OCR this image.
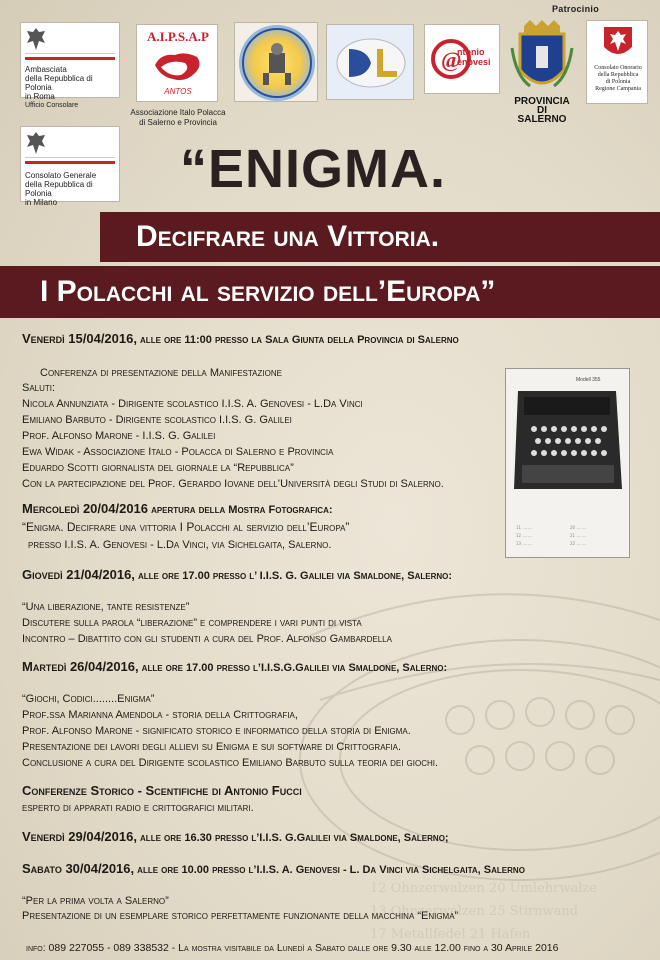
12 Ohnzerwalzen 20 Umlehrwalze
13 Ohnzerwalzen 25 Stirnwand
17 Metallfedel 21 Hafen
Patrocinio
Ambasciata
della Repubblica di Polonia
in Roma
Ufficio Consolare
A.I.P.S.A.P
ANTOS
Associazione Italo Polacca
di Salerno e Provincia
@
ntonio
enovesi
PROVINCIA
DI SALERNO
Consolato Onorario
della Repubblica
di Polonia
Regione Campania
Consolato Generale
della Repubblica di Polonia
in Milano
“ENIGMA.
Decifrare una Vittoria.
I Polacchi al servizio dell’Europa”
Modell 355
11 ........	20 ........
12 ........	21 ........
13 ........	22 ........
Venerdì 15/04/2016, alle ore 11:00 presso la Sala Giunta della Provincia di Salerno
Conferenza di presentazione della Manifestazione
Saluti:
Nicola Annunziata - Dirigente scolastico I.I.S. A. Genovesi - L.Da Vinci
Emiliano Barbuto - Dirigente scolastico I.I.S. G. Galilei
Prof. Alfonso Marone - I.I.S. G. Galilei
Ewa Widak - Associazione Italo - Polacca di Salerno e Provincia
Eduardo Scotti giornalista del giornale la “Repubblica”
Con la partecipazione del Prof. Gerardo Iovane dell’Università degli Studi di Salerno.
Mercoledì 20/04/2016 apertura della Mostra Fotografica:
“Enigma. Decifrare una vittoria I Polacchi al servizio dell’Europa”
presso I.I.S. A. Genovesi - L.Da Vinci, via Sichelgaita, Salerno.
Giovedì 21/04/2016, alle ore 17.00 presso l’ I.I.S. G. Galilei via Smaldone, Salerno:
“Una liberazione, tante resistenze”
Discutere sulla parola “liberazione” e comprendere i vari punti di vista
Incontro – Dibattito con gli studenti a cura del Prof. Alfonso Gambardella
Martedì 26/04/2016, alle ore 17.00 presso l’I.I.S.G.Galilei via Smaldone, Salerno:
“Giochi, Codici........Enigma”
Prof.ssa Marianna Amendola - storia della Crittografia,
Prof. Alfonso Marone - significato storico e informatico della storia di Enigma.
Presentazione dei lavori degli allievi su Enigma e sui software di Crittografia.
Conclusione a cura del Dirigente scolastico Emiliano Barbuto sulla teoria dei giochi.
Conferenze Storico - Scentifiche di Antonio Fucci
esperto di apparati radio e crittografici militari.
Venerdì 29/04/2016, alle ore 16.30 presso l’I.I.S. G.Galilei via Smaldone, Salerno;
Sabato 30/04/2016, alle ore 10.00 presso l’I.I.S. A. Genovesi - L. Da Vinci via Sichelgaita, Salerno
“Per la prima volta a Salerno”
Presentazione di un esemplare storico perfettamente funzionante della macchina “Enigma”
info: 089 227055 - 089 338532 - La mostra visitabile da Lunedì a Sabato dalle ore 9.30 alle 12.00 fino a 30 Aprile 2016
